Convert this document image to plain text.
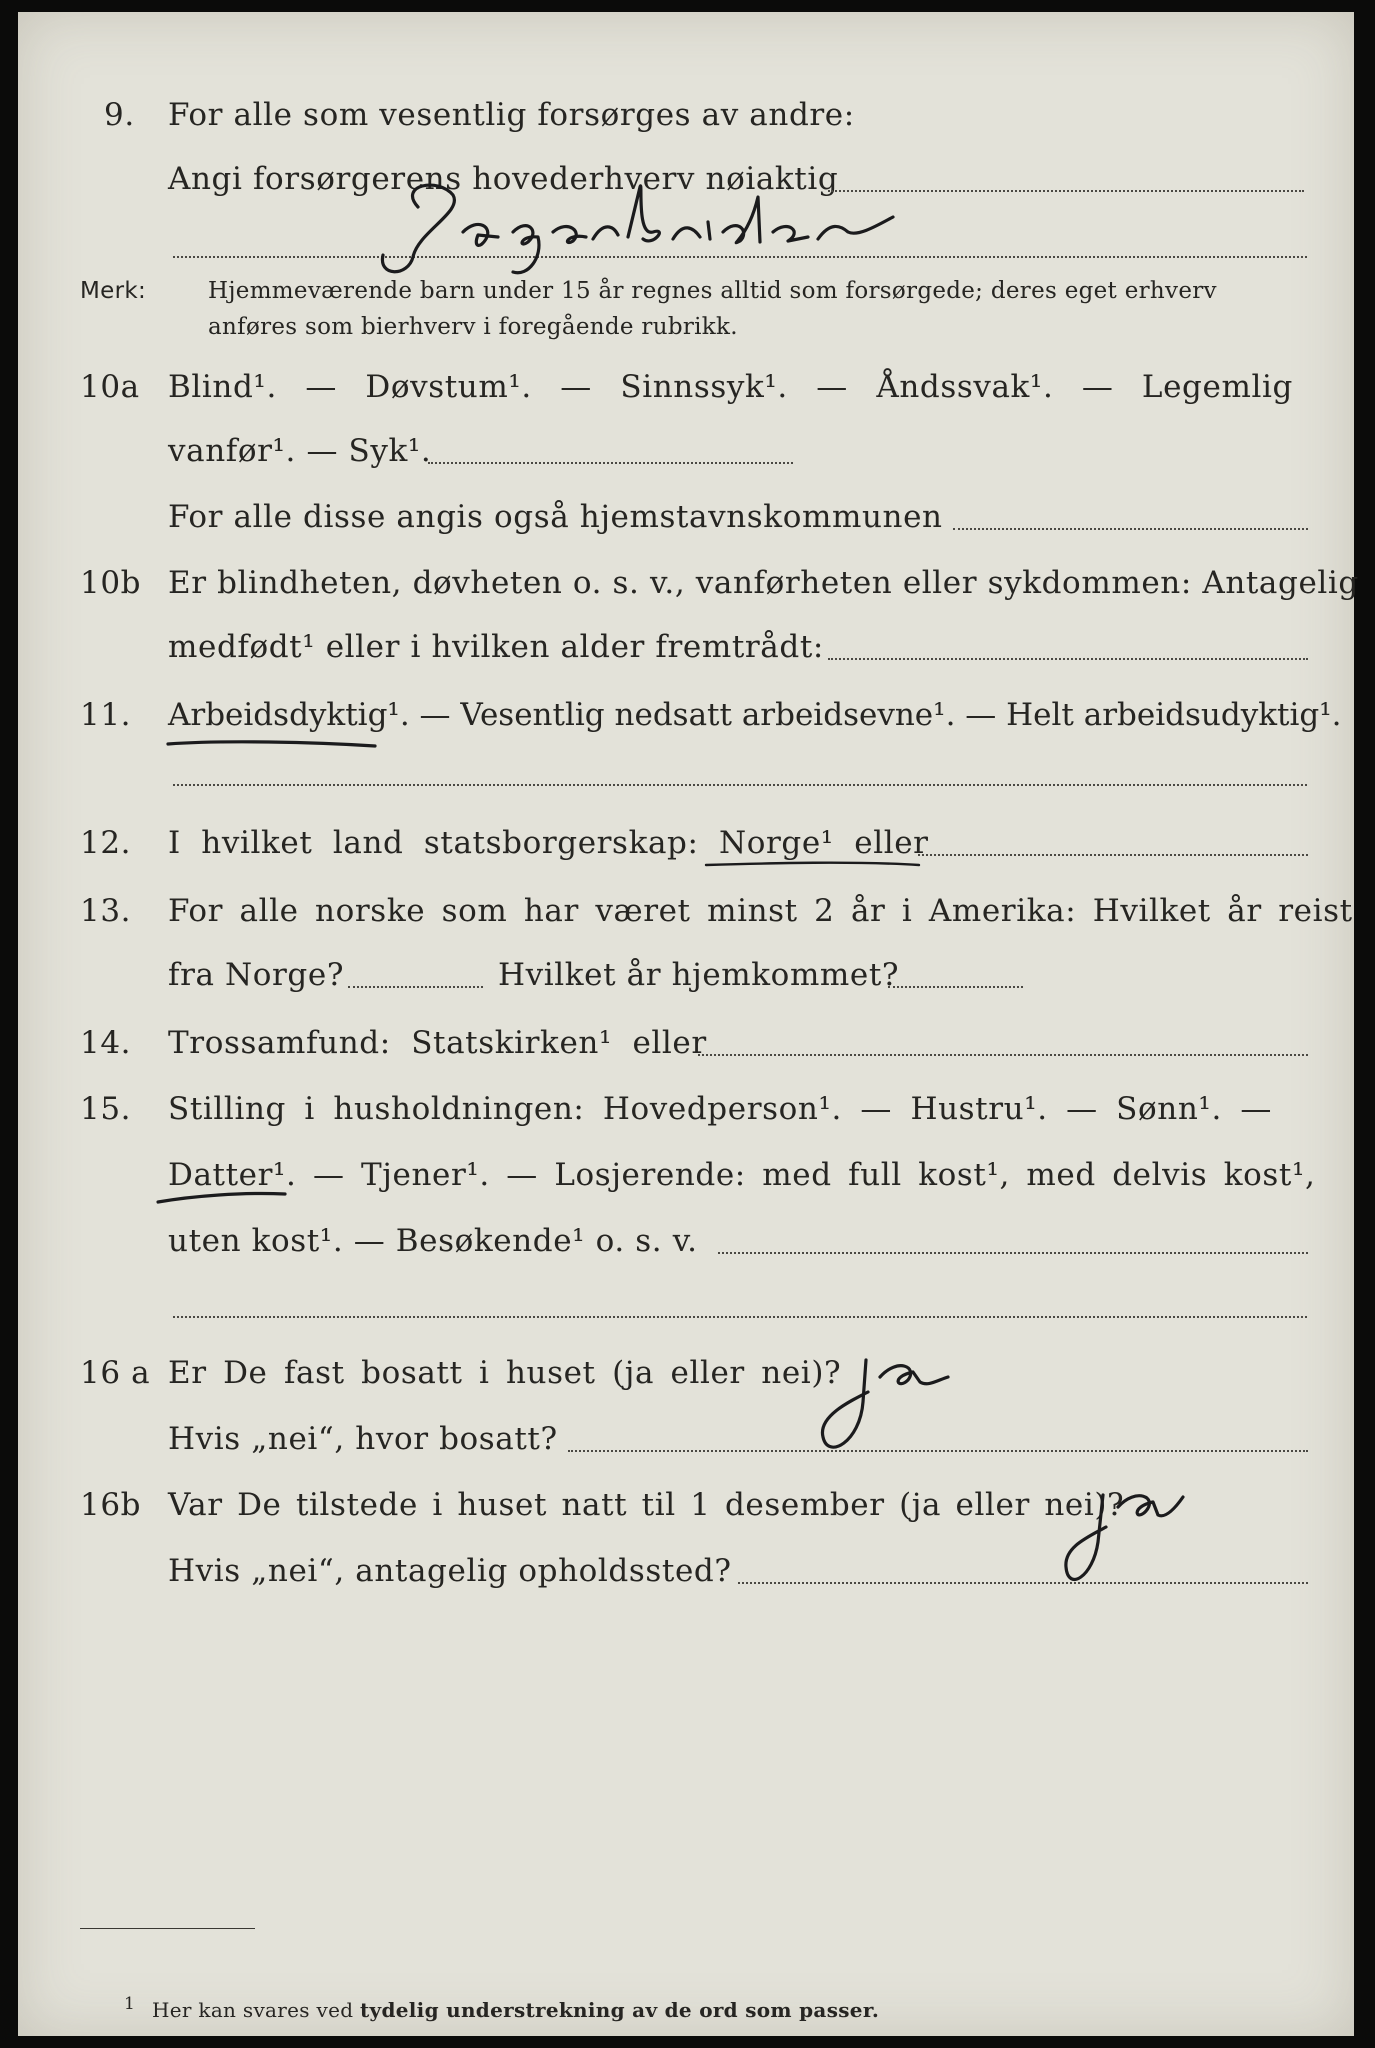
9. For alle som vesentlig forsørges av andre:
Angi forsørgerens hovederhverv nøiaktig
Merk:	Hjemmeværende barn under 15 år regnes alltid som forsørgede; deres eget erhverv
anføres som bierhverv i foregående rubrikk.
10a Blind¹. — Døvstum¹. — Sinnssyk¹. — Åndssvak¹. — Legemlig
vanfør¹. — Syk¹.
For alle disse angis også hjemstavnskommunen
10b Er blindheten, døvheten o. s. v., vanførheten eller sykdommen: Antagelig
medfødt¹ eller i hvilken alder fremtrådt:
11. Arbeidsdyktig¹. — Vesentlig nedsatt arbeidsevne¹. — Helt arbeidsudyktig¹.
12. I hvilket land statsborgerskap: Norge¹ eller
13. For alle norske som har været minst 2 år i Amerika: Hvilket år reist
fra Norge?	Hvilket år hjemkommet?
14. Trossamfund: Statskirken¹ eller
15. Stilling i husholdningen: Hovedperson¹. — Hustru¹. — Sønn¹. —
Datter¹. — Tjener¹. — Losjerende: med full kost¹, med delvis kost¹,
uten kost¹. — Besøkende¹ o. s. v.
16 a Er De fast bosatt i huset (ja eller nei)?
Hvis „nei“, hvor bosatt?
16b Var De tilstede i huset natt til 1 desember (ja eller nei)?
Hvis „nei“, antagelig opholdssted?
1 Her kan svares ved tydelig understrekning av de ord som passer.
